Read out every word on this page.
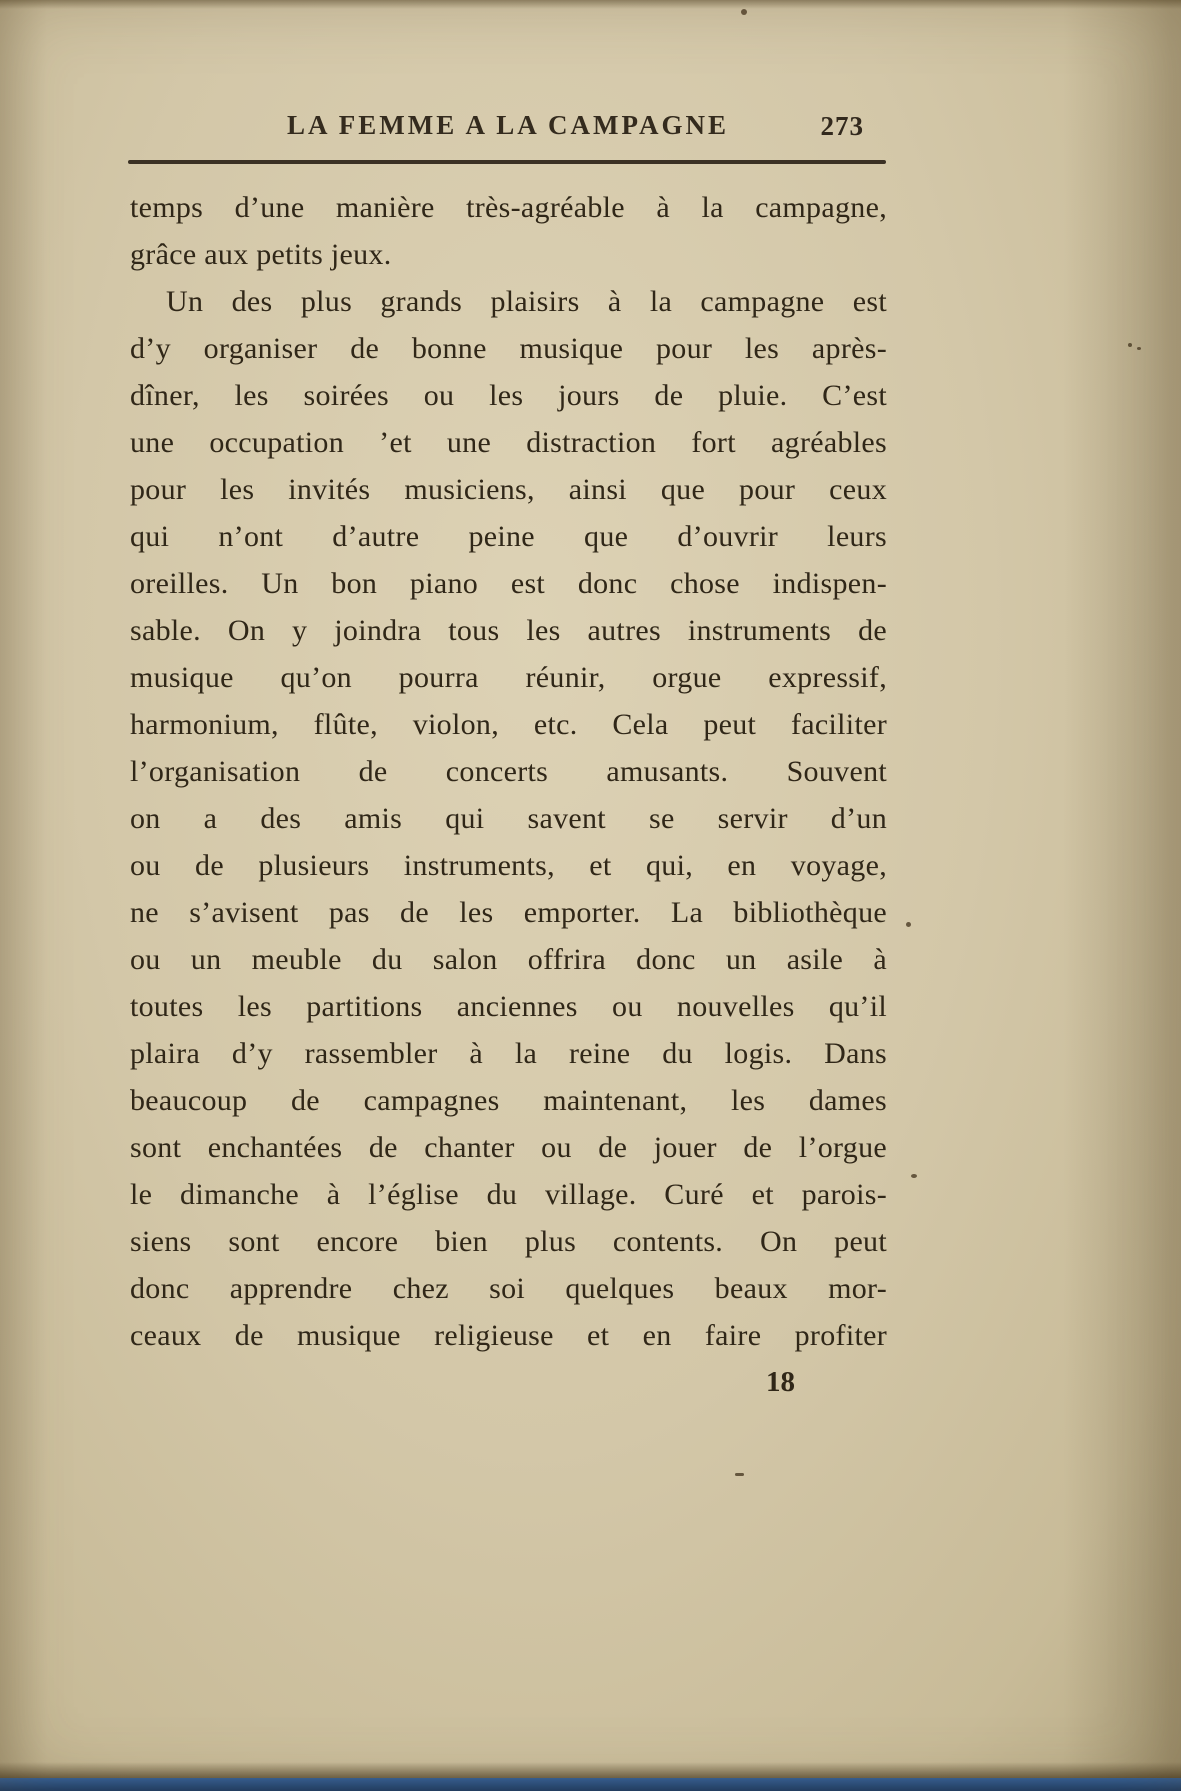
LA FEMME A LA CAMPAGNE	273
temps d’une manière très-agréable à la campagne,
grâce aux petits jeux.
Un des plus grands plaisirs à la campagne est
d’y organiser de bonne musique pour les après-
dîner, les soirées ou les jours de pluie. C’est
une occupation ’et une distraction fort agréables
pour les invités musiciens, ainsi que pour ceux
qui n’ont d’autre peine que d’ouvrir leurs
oreilles. Un bon piano est donc chose indispen-
sable. On y joindra tous les autres instruments de
musique qu’on pourra réunir, orgue expressif,
harmonium, flûte, violon, etc. Cela peut faciliter
l’organisation de concerts amusants. Souvent
on a des amis qui savent se servir d’un
ou de plusieurs instruments, et qui, en voyage,
ne s’avisent pas de les emporter. La bibliothèque
ou un meuble du salon offrira donc un asile à
toutes les partitions anciennes ou nouvelles qu’il
plaira d’y rassembler à la reine du logis. Dans
beaucoup de campagnes maintenant, les dames
sont enchantées de chanter ou de jouer de l’orgue
le dimanche à l’église du village. Curé et parois-
siens sont encore bien plus contents. On peut
donc apprendre chez soi quelques beaux mor-
ceaux de musique religieuse et en faire profiter
18
